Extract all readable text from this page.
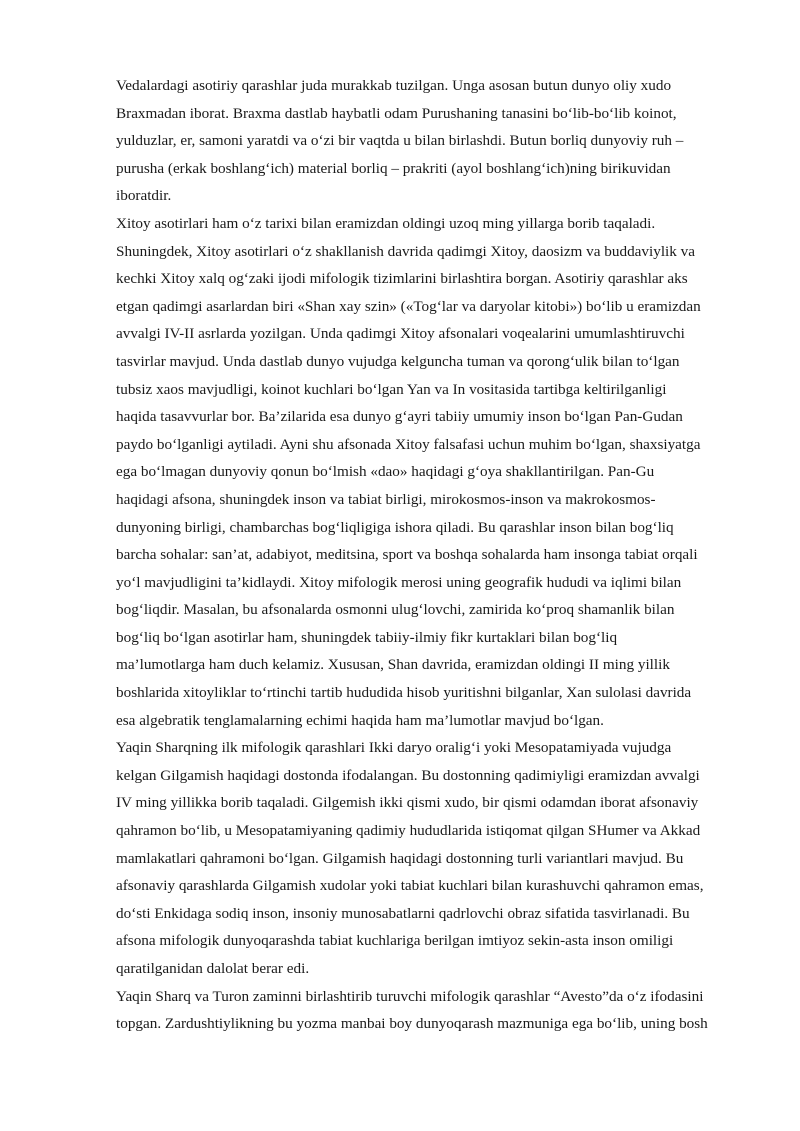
Vedalardagi asotiriy qarashlar juda murakkab tuzilgan. Unga asosan butun dunyo oliy xudo
Braxmadan iborat. Braxma dastlab haybatli odam Purushaning tanasini bo‘lib-bo‘lib koinot,
yulduzlar, er, samoni yaratdi va o‘zi bir vaqtda u bilan birlashdi. Butun borliq dunyoviy ruh –
purusha (erkak boshlang‘ich) material borliq – prakriti (ayol boshlang‘ich)ning birikuvidan
iboratdir.
Xitoy asotirlari ham o‘z tarixi bilan eramizdan oldingi uzoq ming yillarga borib taqaladi.
Shuningdek, Xitoy asotirlari o‘z shakllanish davrida qadimgi Xitoy, daosizm va buddaviylik va
kechki Xitoy xalq og‘zaki ijodi mifologik tizimlarini birlashtira borgan. Asotiriy qarashlar aks
etgan qadimgi asarlardan biri «Shan xay szin» («Tog‘lar va daryolar kitobi») bo‘lib u eramizdan
avvalgi IV-II asrlarda yozilgan. Unda qadimgi Xitoy afsonalari voqealarini umumlashtiruvchi
tasvirlar mavjud. Unda dastlab dunyo vujudga kelguncha tuman va qorong‘ulik bilan to‘lgan
tubsiz xaos mavjudligi, koinot kuchlari bo‘lgan Yan va In vositasida tartibga keltirilganligi
haqida tasavvurlar bor. Ba’zilarida esa dunyo g‘ayri tabiiy umumiy inson bo‘lgan Pan-Gudan
paydo bo‘lganligi aytiladi. Aynі shu afsonada Xitoy falsafasi uchun muhim bo‘lgan, shaxsiyatga
ega bo‘lmagan dunyoviy qonun bo‘lmish «dao» haqidagi g‘oya shakllantirilgan. Pan-Gu
haqidagi afsona, shuningdek inson va tabiat birligi, mirokosmos-inson va makrokosmos-
dunyoning birligi, chambarchas bog‘liqligiga ishora qiladi. Bu qarashlar inson bilan bog‘liq
barcha sohalar: san’at, adabiyot, meditsina, sport va boshqa sohalarda ham insonga tabiat orqali
yo‘l mavjudligini ta’kidlaydi. Xitoy mifologik merosi uning geografik hududi va iqlimi bilan
bog‘liqdir. Masalan, bu afsonalarda osmonni ulug‘lovchi, zamirida ko‘proq shamanlik bilan
bog‘liq bo‘lgan asotirlar ham, shuningdek tabiiy-ilmiy fikr kurtaklari bilan bog‘liq
ma’lumotlarga ham duch kelamiz. Xususan, Shan davrida, eramizdan oldingi II ming yillik
boshlarida xitoyliklar to‘rtinchi tartib hududida hisob yuritishni bilganlar, Xan sulolasi davrida
esa algebratik tenglamalarning echimi haqida ham ma’lumotlar mavjud bo‘lgan.
Yaqin Sharqning ilk mifologik qarashlari Ikki daryo oralig‘i yoki Mesopatamiyada vujudga
kelgan Gilgamish haqidagi dostonda ifodalangan. Bu dostonning qadimiyligi eramizdan avvalgi
IV ming yillikka borib taqaladi. Gilgemish ikki qismi xudo, bir qismi odamdan iborat afsonaviy
qahramon bo‘lib, u Mesopatamiyaning qadimiy hududlarida istiqomat qilgan SHumer va Akkad
mamlakatlari qahramoni bo‘lgan. Gilgamish haqidagi dostonning turli variantlari mavjud. Bu
afsonaviy qarashlarda Gilgamish xudolar yoki tabiat kuchlari bilan kurashuvchi qahramon emas,
do‘sti Enkidaga sodiq inson, insoniy munosabatlarni qadrlovchi obraz sifatida tasvirlanadi. Bu
afsona mifologik dunyoqarashda tabiat kuchlariga berilgan imtiyoz sekin-asta inson omiligi
qaratilganidan dalolat berar edi.
Yaqin Sharq va Turon zaminni birlashtirib turuvchi mifologik qarashlar “Avesto”da o‘z ifodasini
topgan. Zardushtiylikning bu yozma manbai boy dunyoqarash mazmuniga ega bo‘lib, uning bosh
